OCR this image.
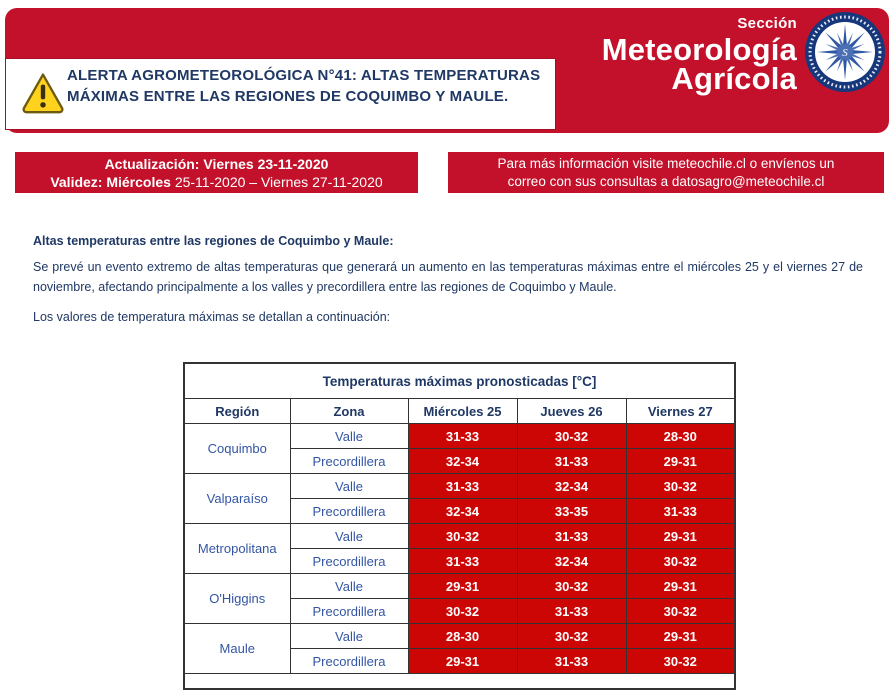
Sección
Meteorología
Agrícola
S
ALERTA AGROMETEOROLÓGICA N°41: ALTAS TEMPERATURAS MÁXIMAS ENTRE LAS REGIONES DE COQUIMBO Y MAULE.
Actualización: Viernes 23-11-2020
Validez: Miércoles 25-11-2020 – Viernes 27-11-2020
Para más información visite meteochile.cl o envíenos un
correo con sus consultas a datosagro@meteochile.cl
Altas temperaturas entre las regiones de Coquimbo y Maule:
Se prevé un evento extremo de altas temperaturas que generará un aumento en las temperaturas máximas entre el miércoles 25 y el viernes 27 de noviembre, afectando principalmente a los valles y precordillera entre las regiones de Coquimbo y Maule.
Los valores de temperatura máximas se detallan a continuación:
Temperaturas máximas pronosticadas [°C]				
Región	Zona	Miércoles 25	Jueves 26	Viernes 27
Coquimbo	Valle	31-33	30-32	28-30
	Precordillera	32-34	31-33	29-31
Valparaíso	Valle	31-33	32-34	30-32
	Precordillera	32-34	33-35	31-33
Metropolitana	Valle	30-32	31-33	29-31
	Precordillera	31-33	32-34	30-32
O'Higgins	Valle	29-31	30-32	29-31
	Precordillera	30-32	31-33	30-32
Maule	Valle	28-30	30-32	29-31
	Precordillera	29-31	31-33	30-32
